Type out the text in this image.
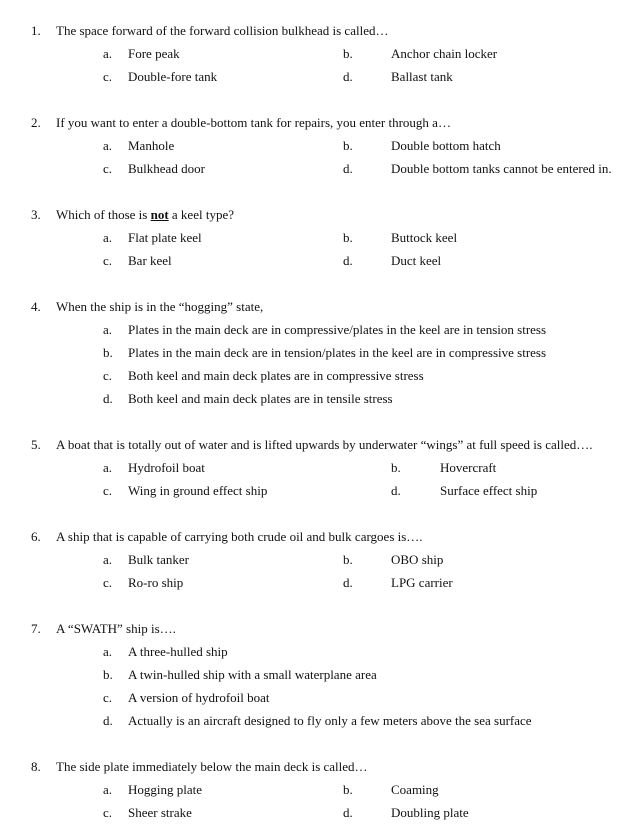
1. The space forward of the forward collision bulkhead is called…
a. Fore peak	b.	Anchor chain locker
c. Double-fore tank	d.	Ballast tank
2. If you want to enter a double-bottom tank for repairs, you enter through a…
a. Manhole	b.	Double bottom hatch
c. Bulkhead door	d.	Double bottom tanks cannot be entered in.
3. Which of those is not a keel type?
a. Flat plate keel	b.	Buttock keel
c. Bar keel	d.	Duct keel
4. When the ship is in the “hogging” state,
a. Plates in the main deck are in compressive/plates in the keel are in tension stress
b. Plates in the main deck are in tension/plates in the keel are in compressive stress
c. Both keel and main deck plates are in compressive stress
d. Both keel and main deck plates are in tensile stress
5. A boat that is totally out of water and is lifted upwards by underwater “wings” at full speed is called….
a. Hydrofoil boat	b.	Hovercraft
c. Wing in ground effect ship	d.	Surface effect ship
6. A ship that is capable of carrying both crude oil and bulk cargoes is….
a. Bulk tanker	b.	OBO ship
c. Ro-ro ship	d.	LPG carrier
7. A “SWATH” ship is….
a. A three-hulled ship
b. A twin-hulled ship with a small waterplane area
c. A version of hydrofoil boat
d. Actually is an aircraft designed to fly only a few meters above the sea surface
8. The side plate immediately below the main deck is called…
a. Hogging plate	b.	Coaming
c. Sheer strake	d.	Doubling plate
